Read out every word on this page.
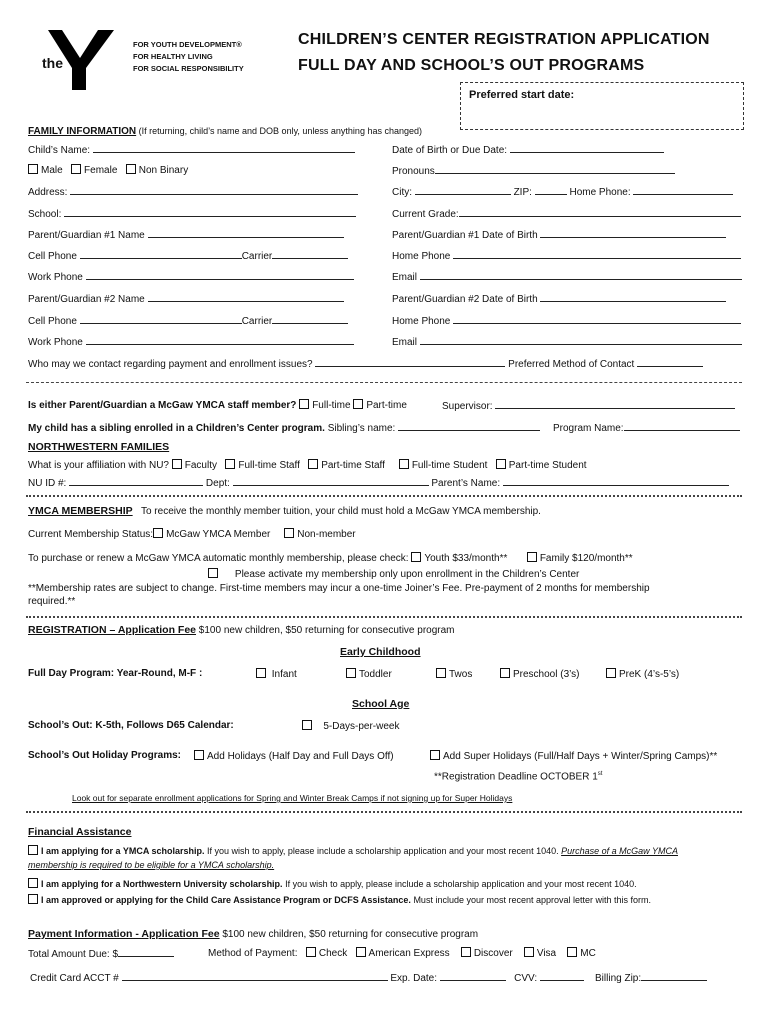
YMCA
the
FOR YOUTH DEVELOPMENT®
FOR HEALTHY LIVING
FOR SOCIAL RESPONSIBILITY
CHILDREN’S CENTER REGISTRATION APPLICATION
FULL DAY AND SCHOOL’S OUT PROGRAMS
Preferred start date:
FAMILY INFORMATION (If returning, child’s name and DOB only, unless anything has changed)
Child’s Name:	Date of Birth or Due Date:
Male Female Non Binary	Pronouns
Address:	City:	ZIP:	Home Phone:
School:	Current Grade:
Parent/Guardian #1 Name	Parent/Guardian #1 Date of Birth
Cell Phone	Carrier	Home Phone
Work Phone	Email
Parent/Guardian #2 Name	Parent/Guardian #2 Date of Birth
Cell Phone	Carrier	Home Phone
Work Phone	Email
Who may we contact regarding payment and enrollment issues?	Preferred Method of Contact
Is either Parent/Guardian a McGaw YMCA staff member? Full-time Part-time	Supervisor:
My child has a sibling enrolled in a Children’s Center program. Sibling’s name:	Program Name:
NORTHWESTERN FAMILIES
What is your affiliation with NU? Faculty Full-time Staff Part-time Staff	Full-time Student Part-time Student
NU ID #:	Dept:	Parent’s Name:
YMCA MEMBERSHIP To receive the monthly member tuition, your child must hold a McGaw YMCA membership.
Current Membership Status: McGaw YMCA Member	Non-member
To purchase or renew a McGaw YMCA automatic monthly membership, please check: Youth $33/month**	Family $120/month**
Please activate my membership only upon enrollment in the Children’s Center
**Membership rates are subject to change. First-time members may incur a one-time Joiner’s Fee. Pre-payment of 2 months for membership
required.**
REGISTRATION – Application Fee $100 new children, $50 returning for consecutive program
Early Childhood
Full Day Program: Year-Round, M-F :	Infant	Toddler	Twos	Preschool (3’s)	PreK (4’s-5’s)
School Age
School’s Out: K-5th, Follows D65 Calendar:	5-Days-per-week
School’s Out Holiday Programs:	Add Holidays (Half Day and Full Days Off)	Add Super Holidays (Full/Half Days + Winter/Spring Camps)**
**Registration Deadline OCTOBER 1st
Look out for separate enrollment applications for Spring and Winter Break Camps if not signing up for Super Holidays
Financial Assistance
I am applying for a YMCA scholarship. If you wish to apply, please include a scholarship application and your most recent 1040. Purchase of a McGaw YMCA
membership is required to be eligible for a YMCA scholarship.
I am applying for a Northwestern University scholarship. If you wish to apply, please include a scholarship application and your most recent 1040.
I am approved or applying for the Child Care Assistance Program or DCFS Assistance. Must include your most recent approval letter with this form.
Payment Information - Application Fee $100 new children, $50 returning for consecutive program
Total Amount Due: $	Method of Payment: Check American Express Discover Visa MC
Credit Card ACCT #	Exp. Date:	CVV:	Billing Zip:
